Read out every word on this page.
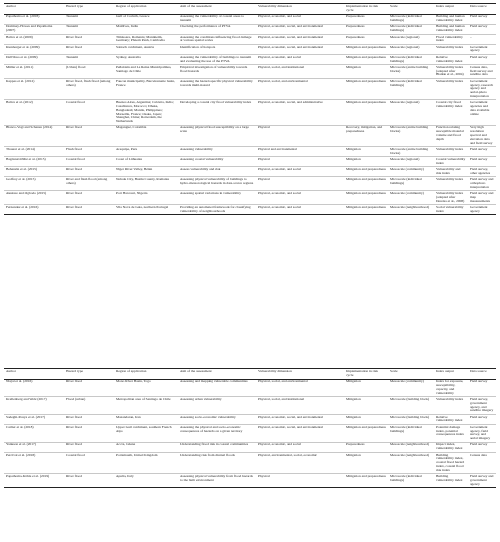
Author	Hazard type	Region of application	Aim of the assessment	Vulnerability dimension	Implementation in risk cycle	Scale	Index output	Data source
Papathoma et al. (2003)	Tsunami	Gulf of Corinth, Greece	Assessing the vulnerability of coastal areas to tsunami	Physical, economic, and social	Preparedness	Microscale (individual buildings)	Building and human vulnerability index	Field survey
Dominey-Howes and Papathoma (2007)	Tsunami	Maldives, India	Checking the performance of PTVA	Physical, economic, social, and environmental	Preparedness	Microscale (individual buildings)	Building and human vulnerability index	Field survey
Balica et al. (2009)	River flood	Timisoara, Romania; Mannheim, Germany; Phnom Penh, Cambodia	Assessing the conditions influencing flood damage at various spatial scales	Physical, economic, social, and environmental	Preparedness	Mesoscale (regional)	Flood vulnerability index	–
Kienberger et al. (2009)	River flood	Salzach catchment, Austria	Identification of hotspots	Physical, economic, social, and environmental	Mitigation and preparedness	Mesoscale (regional)	Vulnerability index	Government agency
Dall'Osso et al. (2009)	Tsunami	Sydney, Australia	Assessing the vulnerability of buildings to tsunami and evaluating the use of the PTVA	Physical, economic, and social	Mitigation and preparedness	Microscale (individual buildings)	Relative vulnerability index	Field survey
Müller et al. (2011)	(Urban) flood	Peñalolén and La Reina Municipalities, Santiago de Chile	Empirical investigation of vulnerability towards flood hazards	Physical, social, and institutional	Mitigation	Microscale (entire building blocks)	Vulnerability index (adapted after Blaikie et al., 2004)	Census data, field survey and satellite data
Kappes et al. (2012)	River flood, flash flood (among others)	Faucon municipality, Barcelonnette basin, France	Assessing the hazard-specific physical vulnerability towards multi-hazard	Physical, social, and environmental	Mitigation and preparedness	Microscale (individual buildings)	Vulnerability index	Government agency, research agency and aerial-photo interpretation
Balica et al. (2012)	Coastal flood	Buenos Aires, Argentina; Calcutta, India; Casablanca, Morocco; Dhaka, Bangladesh; Manila, Philippines; Marseille, France; Osaka, Japan; Shanghai, China; Rotterdam, the Netherlands	Developing a coastal city flood vulnerability index	Physical, economic, social, and administrative	Mitigation and preparedness	Mesoscale (regional)	Coastal city flood vulnerability index	Government agencies and data available online
Blanco-Vogt and Schanze (2014)	River flood	Magangué, Colombia	Assessing physical flood susceptibility on a large scale	Physical	Recovery, mitigation, and preparedness	Microscale (entire building blocks)	Function relating susceptible material volume and flood depth	Very high resolution spectral and elevation data and field survey
Thouret et al. (2014)	Flash flood	Arequipa, Peru	Assessing vulnerability	Physical and environmental	Mitigation	Microscale (entire building blocks)	Vulnerability index	Field survey
Bagdanavičiūtė et al. (2015)	Coastal flood	Coast of Lithuania	Assessing coastal vulnerability	Physical	Mitigation	Mesoscale (regional)	Coastal vulnerability index	Field survey
Behanzin et al. (2015)	River flood	Niger River Valley, Bénin	Assess vulnerability and risk	Physical, economic, and social	Mitigation and preparedness	Mesoscale (community)	Vulnerability and risk index	Field survey, other agencies
Godfrey et al. (2015)	River and flash flood (among others)	Nehoiu City, Buzău County, Romania	Assessing physical vulnerability of buildings to hydro-meteorological hazards in data-scarce regions	Physical	Mitigation and preparedness	Microscale (individual buildings)	Vulnerability index	Field survey and orthophoto interpretation
Akukwe and Ogbodo (2015)	River flood	Port Harcourt, Nigeria	Assessing spatial variations in vulnerability	Physical, economic, and social	Mitigation and preparedness	Mesoscale (community)	Vulnerability index (adapted after Dereisa et al., 2008)	Field survey and map measurements
Fernandez et al. (2016)	River flood	Vila Nova de Gaia, northern Portugal	Providing an automated framework for classifying vulnerability of neighbourhoods	Physical, economic, and social	Mitigation and preparedness	Mesoscale (neighbourhood)	Social vulnerability index	Government agency
Author	Hazard type	Region of application	Aim of the assessment	Vulnerability dimension	Implementation in risk cycle	Scale	Index output	Data source
Ntajal et al. (2016)	River flood	Mono River Basin, Togo	Assessing and mapping vulnerable communities	Physical, social, and environmental	Mitigation	Mesoscale (community)	Index for exposure, susceptibility, capacity, and vulnerability	Field survey
Krellenberg and Welz (2017)	Flood (urban)	Metropolitan area of Santiago de Chile	Assessing urban vulnerability	Physical, social, and institutional	Mitigation	Microscale (building block)	Vulnerability index	Field survey, government agency, and satellite imagery
Sadeghi-Pouya et al. (2017)	River flood	Mazandaran, Iran	Assessing socio-economic vulnerability	Physical, economic, social, and environmental	Mitigation	Microscale (building block)	Relative vulnerability index	Field survey
Carlier et al. (2018)	River flood	Upper Guil catchment, southern French Alps	Assessing the physical and socio-economic consequences of hazards on a given territory	Physical, economic, social, and environmental	Mitigation and preparedness	Microscale (individual buildings)	Potential damage index, potential consequences index	Government agency, field survey, and aerial imagery
Yankson et al. (2017)	River flood	Accra, Ghana	Understanding flood risk in coastal communities	Physical, economic, and social	Preparedness	Mesoscale (neighbourhood)	Impact index, vulnerability index	Field survey
Percival et al. (2018)	Coastal flood	Portsmouth, United Kingdom	Understanding risk from diurnal floods	Physical, environmental, social, economic	Mitigation	Mesoscale (neighbourhood)	Building vulnerability index, coastal flood hazard index, coastal flood risk index	Census data
Papathoma-Köhle et al. (2019)	River flood	Apulia, Italy	Assessing physical vulnerability from flood hazards to the built environment	Physical	Mitigation and preparedness	Microscale (individual buildings)	Building vulnerability index	Field survey and government agency
